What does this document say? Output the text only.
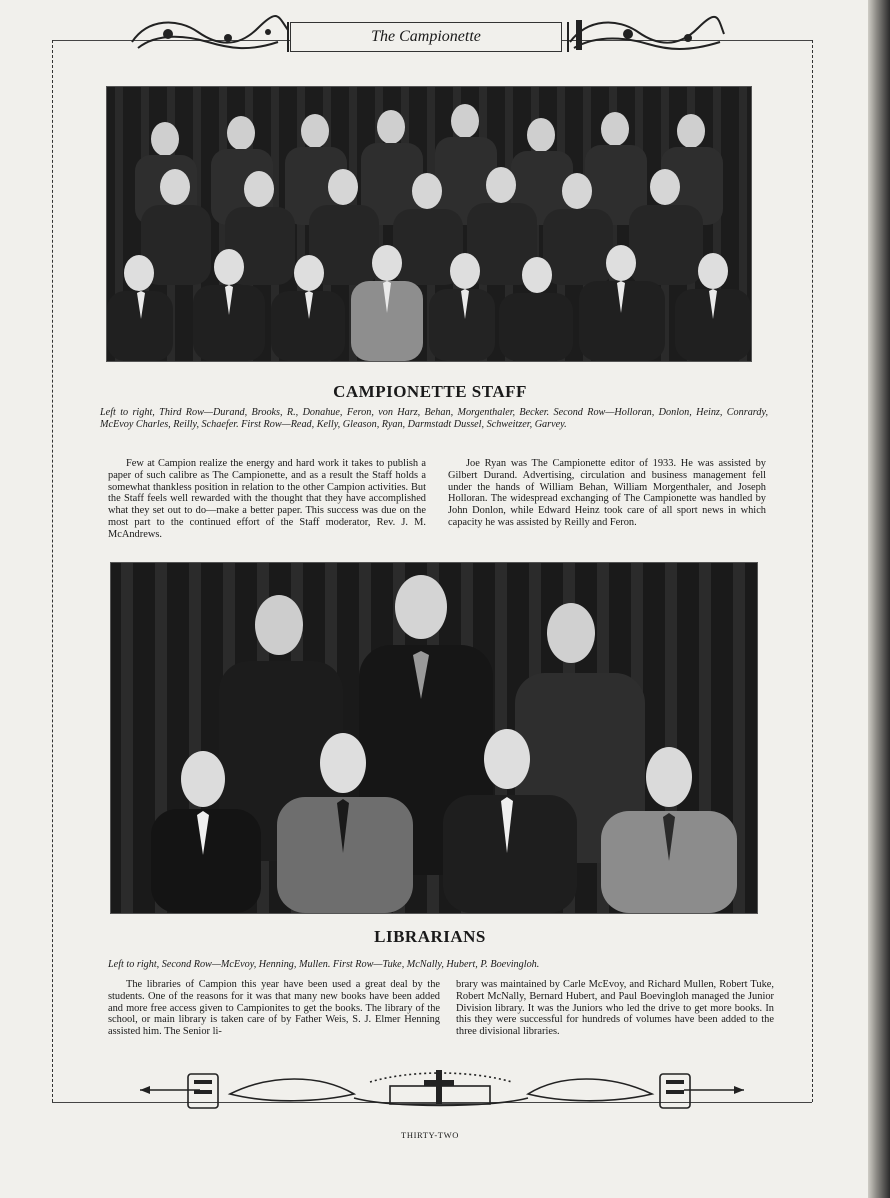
The Campionette
CAMPIONETTE STAFF
Left to right, Third Row—Durand, Brooks, R., Donahue, Feron, von Harz, Behan, Morgenthaler, Becker. Second Row—Holloran, Donlon, Heinz, Conrardy, McEvoy Charles, Reilly, Schaefer. First Row—Read, Kelly, Gleason, Ryan, Darmstadt Dussel, Schweitzer, Garvey.

Few at Campion realize the energy and hard work it takes to publish a paper of such calibre as The Campionette, and as a result the Staff holds a somewhat thankless position in relation to the other Campion activities. But the Staff feels well rewarded with the thought that they have accomplished what they set out to do—make a better paper. This success was due on the most part to the continued effort of the Staff moderator, Rev. J. M. McAndrews.

Joe Ryan was The Campionette editor of 1933. He was assisted by Gilbert Durand. Advertising, circulation and business management fell under the hands of William Behan, William Morgenthaler, and Joseph Holloran. The widespread exchanging of The Campionette was handled by John Donlon, while Edward Heinz took care of all sport news in which capacity he was assisted by Reilly and Feron.

LIBRARIANS
Left to right, Second Row—McEvoy, Henning, Mullen. First Row—Tuke, McNally, Hubert, P. Boevingloh.

The libraries of Campion this year have been used a great deal by the students. One of the reasons for it was that many new books have been added and more free access given to Campionites to get the books. The library of the school, or main library is taken care of by Father Weis, S. J. Elmer Henning assisted him. The Senior li-

brary was maintained by Carle McEvoy, and Richard Mullen, Robert Tuke, Robert McNally, Bernard Hubert, and Paul Boevingloh managed the Junior Division library. It was the Juniors who led the drive to get more books. In this they were successful for hundreds of volumes have been added to the three divisional libraries.

THIRTY-TWO
